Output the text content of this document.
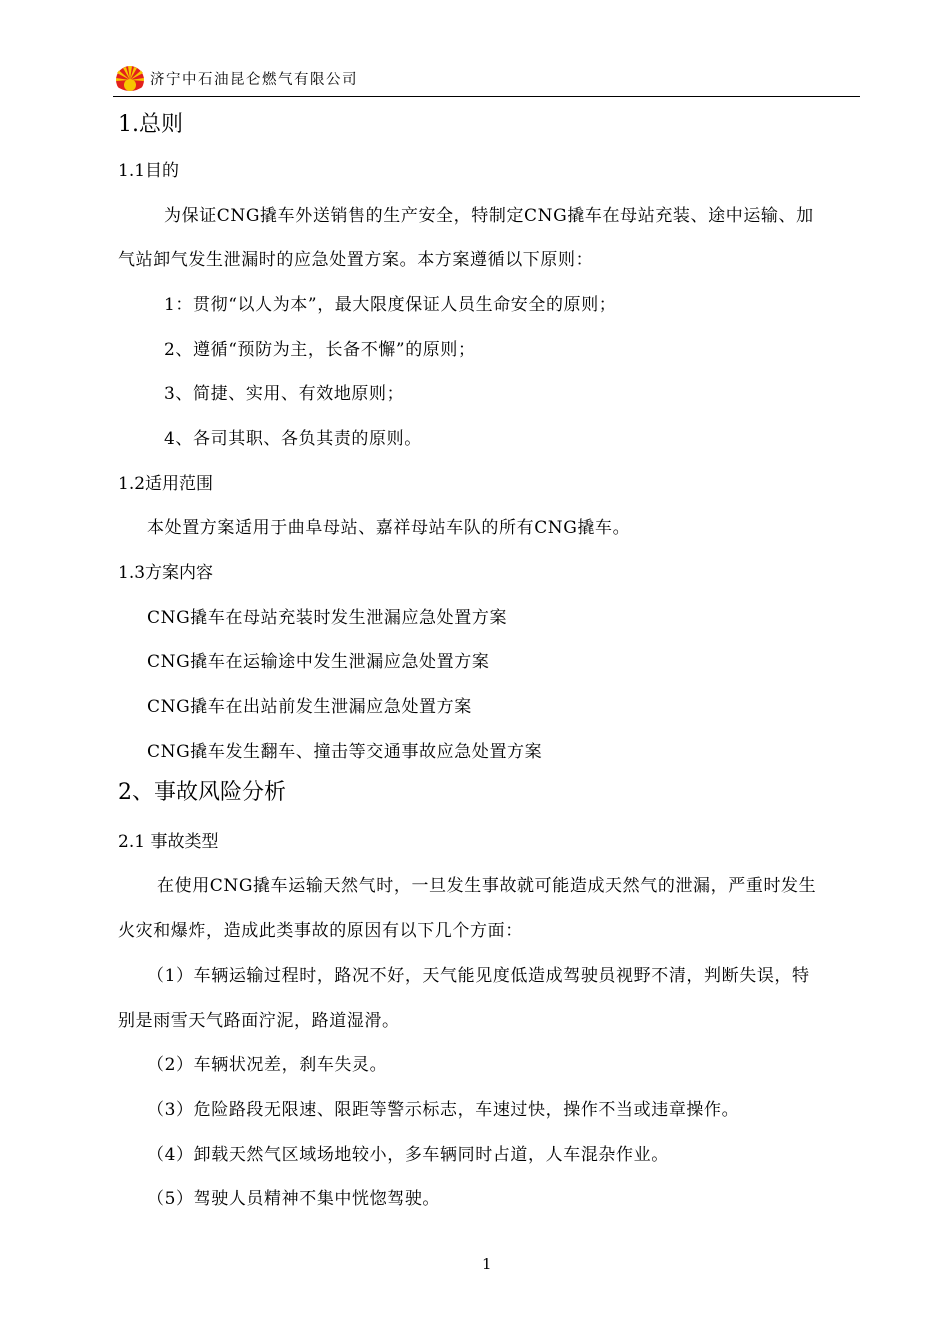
济宁中石油昆仑燃气有限公司
1.总则
1.1目的
为保证CNG撬车外送销售的生产安全，特制定CNG撬车在母站充装、途中运输、加
气站卸气发生泄漏时的应急处置方案。本方案遵循以下原则：
1：贯彻“以人为本”，最大限度保证人员生命安全的原则；
2、遵循“预防为主，长备不懈”的原则；
3、简捷、实用、有效地原则；
4、各司其职、各负其责的原则。
1.2适用范围
本处置方案适用于曲阜母站、嘉祥母站车队的所有CNG撬车。
1.3方案内容
CNG撬车在母站充装时发生泄漏应急处置方案
CNG撬车在运输途中发生泄漏应急处置方案
CNG撬车在出站前发生泄漏应急处置方案
CNG撬车发生翻车、撞击等交通事故应急处置方案
2、事故风险分析
2.1 事故类型
在使用CNG撬车运输天然气时，一旦发生事故就可能造成天然气的泄漏，严重时发生
火灾和爆炸，造成此类事故的原因有以下几个方面：
（1）车辆运输过程时，路况不好，天气能见度低造成驾驶员视野不清，判断失误，特
别是雨雪天气路面泞泥，路道湿滑。
（2）车辆状况差，刹车失灵。
（3）危险路段无限速、限距等警示标志，车速过快，操作不当或违章操作。
（4）卸载天然气区域场地较小，多车辆同时占道，人车混杂作业。
（5）驾驶人员精神不集中恍惚驾驶。
1
